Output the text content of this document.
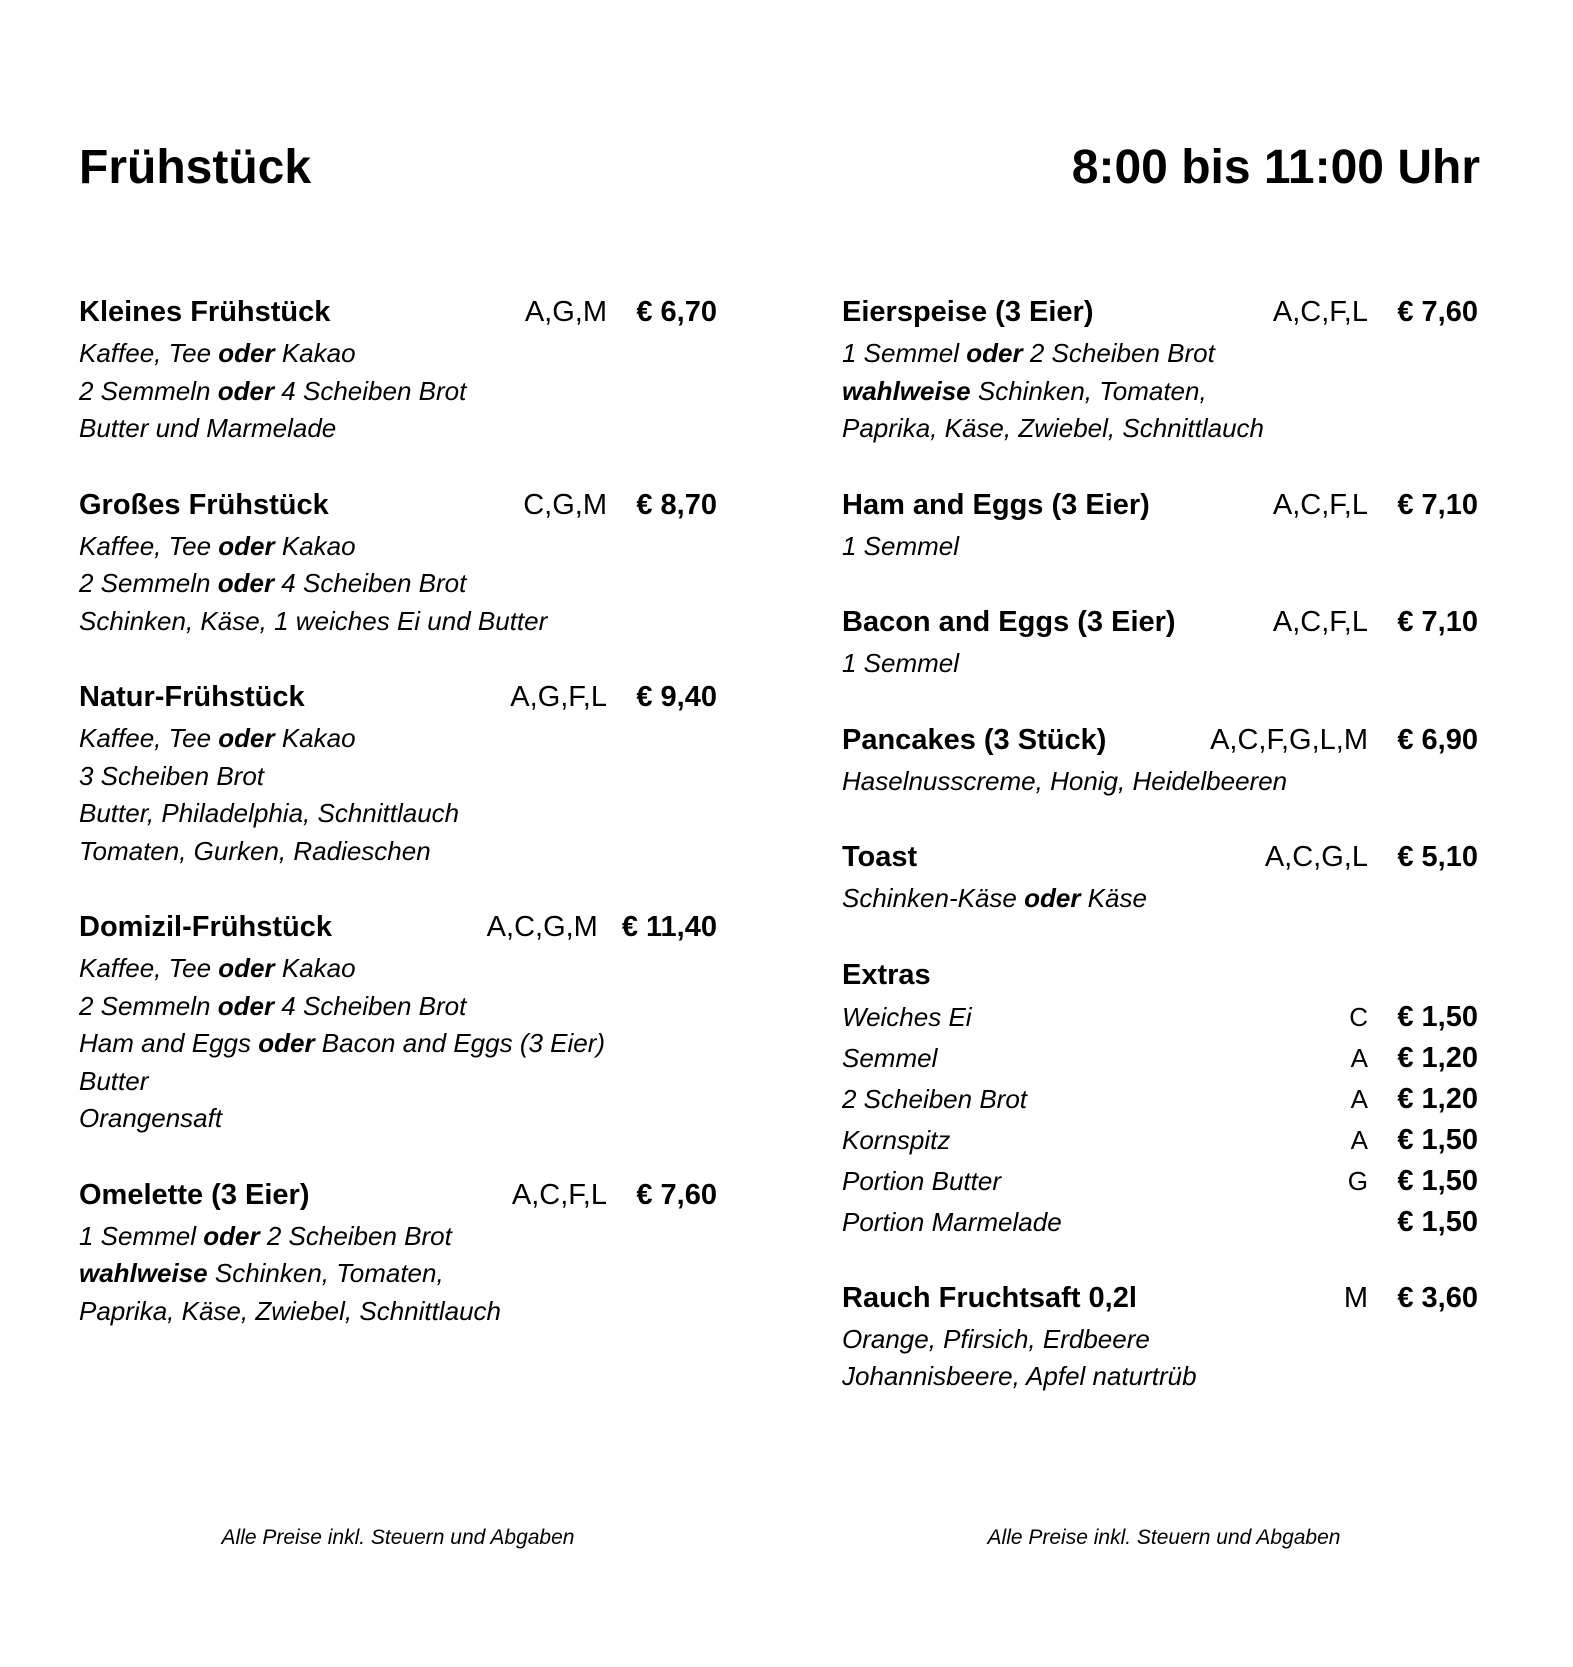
Frühstück	8:00 bis 11:00 Uhr
Kleines Frühstück	A,G,M € 6,70
Kaffee, Tee oder Kakao
2 Semmeln oder 4 Scheiben Brot
Butter und Marmelade
Großes Frühstück	C,G,M € 8,70
Kaffee, Tee oder Kakao
2 Semmeln oder 4 Scheiben Brot
Schinken, Käse, 1 weiches Ei und Butter
Natur-Frühstück	A,G,F,L € 9,40
Kaffee, Tee oder Kakao
3 Scheiben Brot
Butter, Philadelphia, Schnittlauch
Tomaten, Gurken, Radieschen
Domizil-Frühstück	A,C,G,M € 11,40
Kaffee, Tee oder Kakao
2 Semmeln oder 4 Scheiben Brot
Ham and Eggs oder Bacon and Eggs (3 Eier)
Butter
Orangensaft
Omelette (3 Eier)	A,C,F,L € 7,60
1 Semmel oder 2 Scheiben Brot
wahlweise Schinken, Tomaten,
Paprika, Käse, Zwiebel, Schnittlauch
Eierspeise (3 Eier)	A,C,F,L € 7,60
1 Semmel oder 2 Scheiben Brot
wahlweise Schinken, Tomaten,
Paprika, Käse, Zwiebel, Schnittlauch
Ham and Eggs (3 Eier)	A,C,F,L € 7,10
1 Semmel
Bacon and Eggs (3 Eier)	A,C,F,L € 7,10
1 Semmel
Pancakes (3 Stück)	A,C,F,G,L,M € 6,90
Haselnusscreme, Honig, Heidelbeeren
Toast	A,C,G,L € 5,10
Schinken-Käse oder Käse
Extras
Weiches Ei	C € 1,50
Semmel	A € 1,20
2 Scheiben Brot	A € 1,20
Kornspitz	A € 1,50
Portion Butter	G € 1,50
Portion Marmelade	€ 1,50
Rauch Fruchtsaft 0,2l	M € 3,60
Orange, Pfirsich, Erdbeere
Johannisbeere, Apfel naturtrüb
Alle Preise inkl. Steuern und Abgaben	Alle Preise inkl. Steuern und Abgaben
